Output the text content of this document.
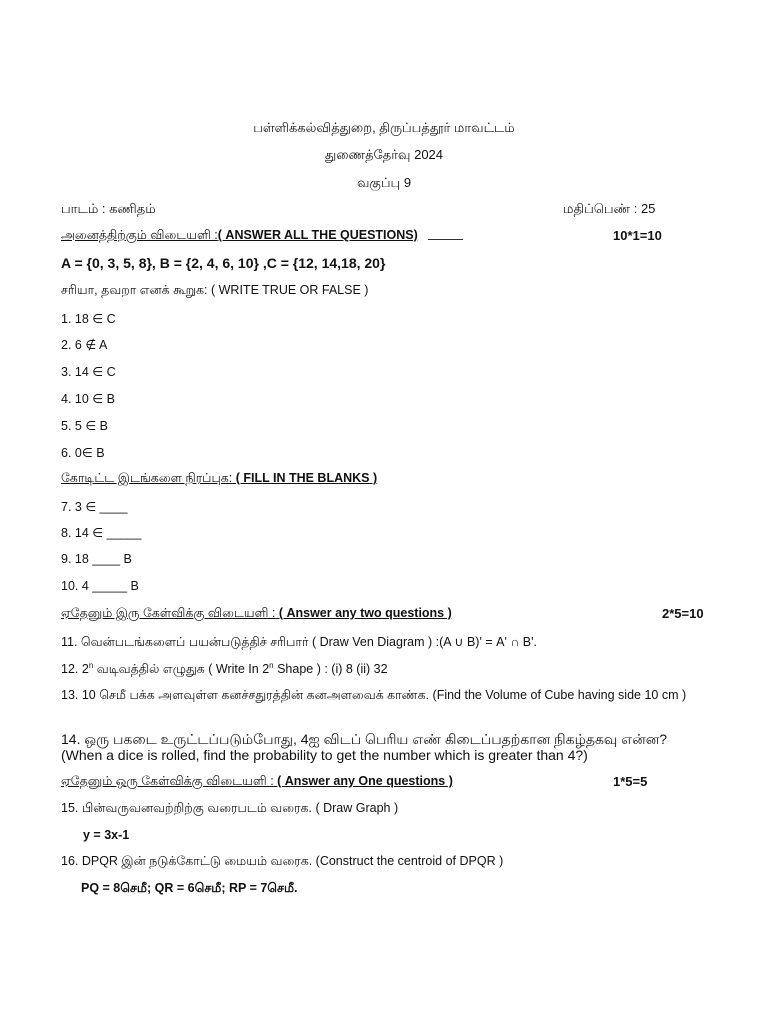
பள்ளிக்கல்வித்துறை, திருப்பத்தூர் மாவட்டம்
துணைத்தேர்வு 2024
வகுப்பு 9
பாடம் : கணிதம்	மதிப்பெண் : 25
அனைத்திற்கும் விடையளி :( ANSWER ALL THE QUESTIONS)	10*1=10
A = {0, 3, 5, 8}, B = {2, 4, 6, 10} ,C = {12, 14,18, 20}
சரியா, தவறா எனக் கூறுக: ( WRITE TRUE OR FALSE )
1. 18 ∈ C
2. 6 ∉ A
3. 14 ∈ C
4. 10 ∈ B
5. 5 ∈ B
6. 0∈ B
கோடிட்ட இடங்களை நிரப்புக: ( FILL IN THE BLANKS )
7. 3 ∈ ____
8. 14 ∈ _____
9. 18 ____ B
10. 4 _____ B
ஏதேனும் இரு கேள்விக்கு விடையளி : ( Answer any two questions )	2*5=10
11. வென்படங்களைப் பயன்படுத்திச் சரிபார் ( Draw Ven Diagram ) :(A ∪ B)' = A' ∩ B'.
12. 2$^n$ வடிவத்தில் எழுதுக ( Write In 2$^n$ Shape ) : (i) 8 (ii) 32
13. 10 செமீ பக்க அளவுள்ள கனச்சதுரத்தின் கனஅளவைக் காண்க. (Find the Volume of Cube having side 10 cm )
14. ஒரு பகடை உருட்டப்படும்போது, 4ஐ விடப் பெரிய எண் கிடைப்பதற்கான நிகழ்தகவு என்ன? (When a dice is rolled, find the probability to get the number which is greater than 4?)
ஏதேனும் ஒரு கேள்விக்கு விடையளி : ( Answer any One questions )	1*5=5
15. பின்வருவனவற்றிற்கு வரைபடம் வரைக. ( Draw Graph )
y = 3x-1
16. DPQR இன் நடுக்கோட்டு மையம் வரைக. (Construct the centroid of DPQR )
PQ = 8செமீ; QR = 6செமீ; RP = 7செமீ.
